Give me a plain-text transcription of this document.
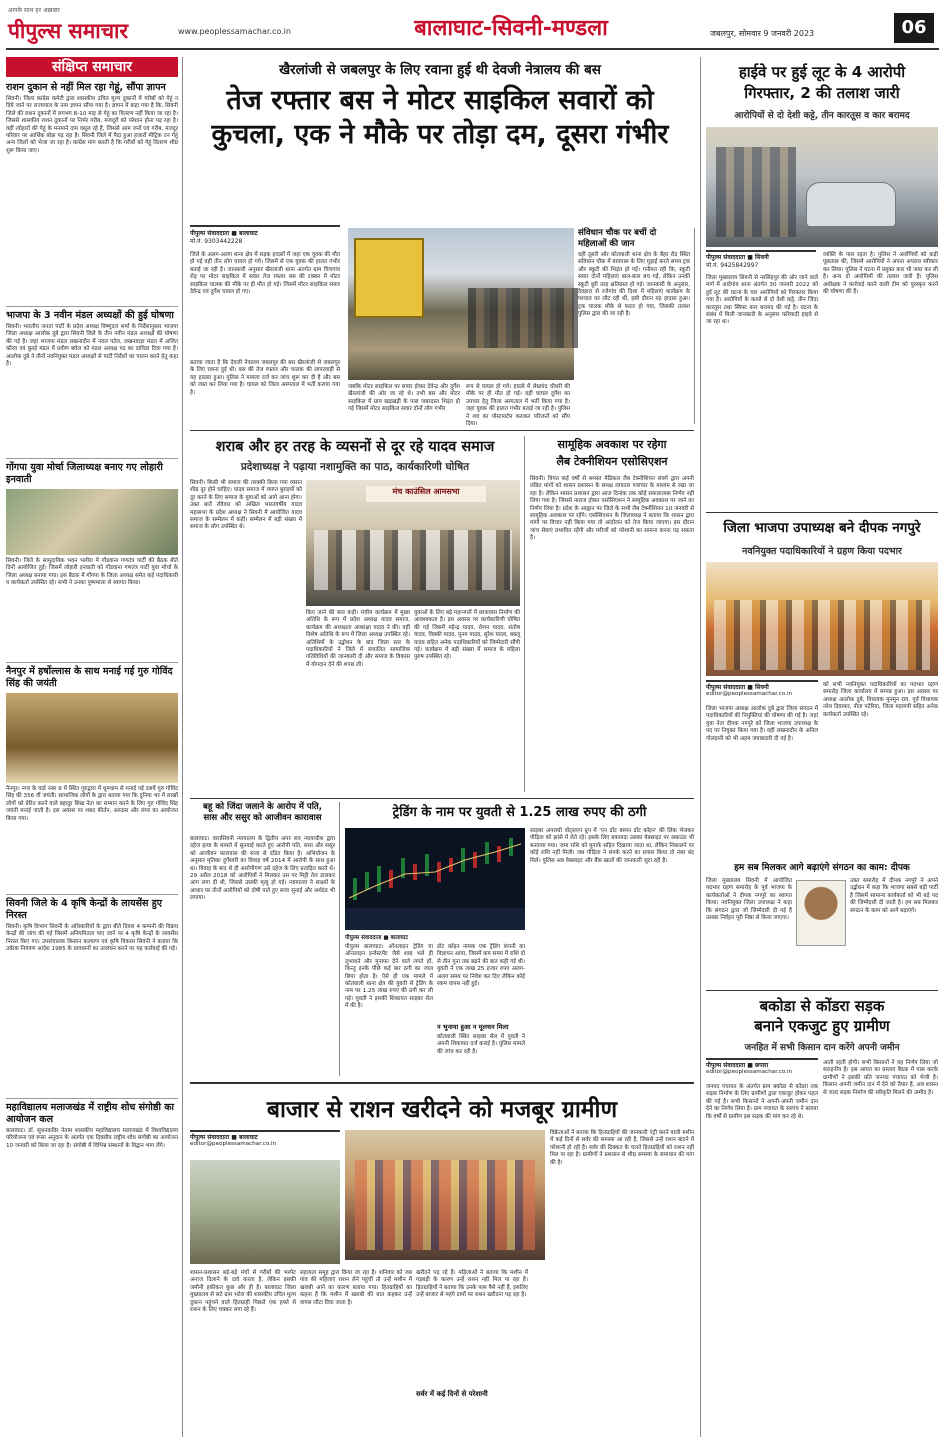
आपके साथ हर अख़बार
पीपुल्स समाचार	www.peoplessamachar.co.in	बालाघाट-सिवनी-मण्डला	जबलपुर, सोमवार 9 जनवरी 2023	06
संक्षिप्त समाचार
राशन दुकान से नहीं मिल रहा गेहूं, सौंपा ज्ञापन
सिवनी। जिला कांग्रेस कमेटी द्वारा शासकीय उचित मूल्य दुकानों में गरीबों को गेहूं न दिये जाने पर राज्यपाल के नाम ज्ञापन सौंपा गया है। ज्ञापन में कहा गया है कि, सिवनी जिले की राशन दुकानों में लगभग 8-10 माह से गेहूं का वितरण नहीं किया जा रहा है। जिससे शासकीय राशन दुकानों पर निर्भर गरीब, मजदूरों को परेशान होना पड़ रहा है। वहीं त्योहारों की गेहूं के मनमाने दाम वसूल रहे हैं, जिससे आम जनों एवं गरीब, मजदूर परिवार पर आर्थिक बोझ पड़ रहा है। सिवनी जिले में पैदा हुआ हजारों मीट्रिक टन गेहूं अन्य जिलों को भेजा जा रहा है। कांग्रेस मांग करती है कि गरीबों को गेहूं वितरण शीघ्र शुरू किया जाए।
भाजपा के 3 नवीन मंडल अध्यक्षों की हुई घोषणा
सिवनी। भारतीय जनता पार्टी के प्रदेश अध्यक्ष विष्णुदत्त शर्मा के निर्देशानुसार भाजपा जिला अध्यक्ष आलोक दुबे द्वारा सिवनी जिले के तीन नवीन मंडल अध्यक्षों की घोषणा की गई है। जहां भाजपा मंडल लखनादौन में नवल पटेल, लखनवाड़ा मंडल में अजित कौरव एवं कुरई मंडल में प्रवीण बघेल को मंडल अध्यक्ष पद का दायित्व दिया गया है। आलोक दुबे ने तीनों नवनियुक्त मंडल अध्यक्षों से पार्टी निर्देशों का पालन करने हेतु कहा है।
गोंगपा युवा मोर्चा जिलाध्यक्ष बनाए गए लोहारी इनवाती
सिवनी। जिले के सामुदायिक भवन भलीरा में गोंडवाना गणतंत्र पार्टी की बैठक बीते दिनों आयोजित हुई। जिसमें लोहारी इनवाती को गोंडवाना गणतंत्र पार्टी युवा मोर्चा के जिला अध्यक्ष बनाया गया। इस बैठक में गोंगपा के जिला अध्यक्ष समेत कई पदाधिकारी व कार्यकर्ता उपस्थित रहे। सभी ने उनका पुष्पमाला से स्वागत किया।
नैनपुर में हर्षोल्लास के साथ मनाई गई गुरु गोविंद सिंह की जयंती
नैनपुर। नगर के वार्ड नंबर 9 में स्थित गुरुद्वारा में धूमधाम से मनाई गई दसवें गुरु गोविंद सिंह की 356 वीं जयंती। सामाजिक लोगों के द्वारा बताया गया कि दुनिया भर में लाखों लोगों को प्रेरित करने वाले बहादुर सिख नेता का सम्मान करने के लिए गुरु गोविंद सिंह जयंती मनाई जाती है। इस अवसर पर शबद कीर्तन, अरदास और लंगर का आयोजन किया गया।
सिवनी जिले के 4 कृषि केन्द्रों के लायसेंस हुए निरस्त
सिवनी। कृषि विभाग सिवनी के अधिकारियों के द्वारा बीते दिवस 4 कम्पनी की विक्रय केन्द्रों की जांच की गई जिसमें अनियमितता पाए जाने पर 4 कृषि केन्द्रों के लायसेंस निरस्त किए गए। उपसंचालक किसान कल्याण एवं कृषि विकास सिवनी ने बताया कि उर्वरक नियंत्रण आदेश 1985 के प्रावधानों का उल्लंघन करने पर यह कार्रवाई की गई।
महाविद्यालय मलाजखंड में राष्ट्रीय शोध संगोष्ठी का आयोजन कल
बालाघाट। डॉ. सुधनकविर नेताम शासकीय महाविद्यालय मलाजखंड में विश्वविद्यालय परियोजना एवं रूसा अनुदान के अंतर्गत एक दिवसीय राष्ट्रीय शोध संगोष्ठी का आयोजन 10 जनवरी को किया जा रहा है। संगोष्ठी में विभिन्न संस्थानों के विद्वान भाग लेंगे।
खैरलांजी से जबलपुर के लिए रवाना हुई थी देवजी नेत्रालय की बस
तेज रफ्तार बस ने मोटर साइकिल सवारों को
कुचला, एक ने मौके पर तोड़ा दम, दूसरा गंभीर
पीपुल्स संवाददाता ■ बालाघाट
मो.नं. 9303442228
जिले के अलग-अलग थाना क्षेत्र में सड़क हादसों में जहां एक युवक की मौत हो गई वहीं तीन लोग घायल हो गये। जिसमें से एक युवक की हालत गंभीर बताई जा रही है। जानकारी अनुसार खैरलांजी थाना अंतर्गत ग्राम चिचगांव रोड़ पर मोटर साइकिल में सवार तेज रफ्तार बस की टक्कर में मोटर साइकिल चालक की मौके पर ही मौत हो गई। जिसमें मोटर साइकिल सवार देवेन्द्र एवं दुर्गेश घायल हो गए।
बताया जाता है कि देवजी नेत्रालय जबलपुर की बस खैरलांजी से जबलपुर के लिए रवाना हुई थी। बस की तेज रफ्तार और चालक की लापरवाही से यह हादसा हुआ। पुलिस ने मामला दर्ज कर जांच शुरू कर दी है और बस को जब्त कर लिया गया है। घायल को जिला अस्पताल में भर्ती कराया गया है।
जबकि मोटर साइकिल पर सवार होकर देवेन्द्र और दुर्गेश खैरलांजी की ओर जा रहे थे। तभी बस और मोटर साइकिल में ग्राम खड़खड़ी के पास जबरदस्त भिड़ंत हो गई जिसमें मोटर साइकिल सवार दोनों लोग गंभीर
रूप से घायल हो गये। हादसे में लेखचंद चौधरी की मौके पर ही मौत हो गई। वहीं घायल दुर्गेश का उपचार हेतु जिला अस्पताल में भर्ती किया गया है। जहां युवक की हालत गंभीर बताई जा रही है। पुलिस ने शव का पोस्टमार्टम कराकर परिजनों को सौंप दिया।
हाईवे पर हुई लूट के 4 आरोपी
गिरफ्तार, 2 की तलाश जारी
आरोपियों से दो देशी कट्टे, तीन कारतूस व कार बरामद
पीपुल्स संवाददाता ■ सिवनी
मो.नं. 9425842997
जिला मुख्यालय सिवनी से नरसिंहपुर की ओर जाने वाले मार्ग में आदेगांव थाना अंतर्गत 30 जनवरी 2022 को हुई लूट की घटना के चार आरोपियों को गिरफ्तार किया गया है। आरोपियों के कब्जे से दो देशी कट्टे, तीन जिंदा कारतूस तथा स्विफ्ट कार बरामद की गई है। घटना के संबंध में मिली जानकारी के अनुसार फरियादी हाइवे से जा रहा था।
व्यक्ति के पास रहता है। पुलिस ने आरोपियों को कड़ी पूछताछ की, जिसमें आरोपियों ने अपना अपराध स्वीकार कर लिया। पुलिस ने घटना में प्रयुक्त कार भी जब्त कर ली है। अन्य दो आरोपियों की तलाश जारी है। पुलिस अधीक्षक ने कार्रवाई करने वाली टीम को पुरस्कृत करने की घोषणा की है।
जिला भाजपा उपाध्यक्ष बने दीपक नगपुरे
नवनियुक्त पदाधिकारियों ने ग्रहण किया पदभार
पीपुल्स संवाददाता ■ सिवनी
editor@peoplessamachar.co.in
जिला भाजपा अध्यक्ष आलोक दुबे द्वारा जिला संगठन में पदाधिकारियों की नियुक्तियां की घोषणा की गई है। जहां युवा नेता दीपक नगपुरे को जिला भाजपा उपाध्यक्ष के पद पर नियुक्त किया गया है। वहीं लखनादौन के अनिल गोलहानी को भी अहम जवाबदारी दी गई है।
को सभी नवनियुक्त पदाधिकारियों का पदभार ग्रहण समारोह जिला कार्यालय में सम्पन्न हुआ। इस अवसर पर अध्यक्ष आलोक दुबे, विधायक मुनमुन राय, पूर्व विधायक नरेश दिवाकर, नीता पटेरिया, जिला महामंत्री सहित अनेक कार्यकर्ता उपस्थित रहे।
हम सब मिलकर आगे बढ़ाएंगे संगठन का काम: दीपक
जिला मुख्यालय सिवनी में आयोजित पदभार ग्रहण समारोह के पूर्व भाजपा के कार्यकर्ताओं ने दीपक नगपुरे का स्वागत किया। नवनियुक्त जिला उपाध्यक्ष ने कहा कि संगठन द्वारा जो जिम्मेदारी दी गई है उसका निर्वहन पूरी निष्ठा से किया जाएगा।
उक्त समारोह में दीपक नगपुरे ने अपने उद्बोधन में कहा कि भाजपा सबसे बड़ी पार्टी है जिसमें सामान्य कार्यकर्ता को भी बड़े पद की जिम्मेदारी दी जाती है। हम सब मिलकर संगठन के काम को आगे बढ़ाएंगे।
बकोडा से कोंडरा सड़क
बनाने एकजुट हुए ग्रामीण
जनहित में सभी किसान दान करेंगे अपनी जमीन
पीपुल्स संवाददाता ■ छपारा
editor@peoplessamachar.co.in
जनपद पंचायत के अंतर्गत ग्राम बकोडा से कोंडरा तक सड़क निर्माण के लिए ग्रामीणों द्वारा एकजुट होकर पहल की गई है। सभी किसानों ने अपनी-अपनी जमीन दान देने का निर्णय लिया है। ग्राम पंचायत के सरपंच ने बताया कि वर्षों से ग्रामीण इस सड़क की मांग कर रहे थे।
आती रहती होगी। सभी किसानों ने यह निर्णय लिया जो सराहनीय है। इस आयत का प्रस्ताव बैठक में पास करके ग्रामीणों ने इसकी प्रति जनपद पंचायत को भेजी है। किसान अपनी जमीन दान में देने को तैयार हैं, अब शासन से जल्द सड़क निर्माण की स्वीकृति मिलने की उम्मीद है।
शराब और हर तरह के व्यसनों से दूर रहे यादव समाज
प्रदेशाध्यक्ष ने पढ़ाया नशामुक्ति का पाठ, कार्यकारिणी घोषित
सिवनी। किसी भी समाज की तरक्की किया गया व्यसन शीघ्र दूर होने चाहिए। यादव समाज में व्याप्त बुराइयों को दूर करने के लिए समाज के युवाओं को आगे आना होगा। उक्त बातें रविवार को अखिल भारतवर्षीय यादव महासभा के प्रदेश अध्यक्ष ने सिवनी में आयोजित यादव समाज के सम्मेलन में कहीं। सम्मेलन में बड़ी संख्या में समाज के लोग उपस्थित थे।
मंच काउंसिल आमसभा
किए जाने की बात कही। मंचीय कार्यक्रम में मुख्य अतिथि के रूप में प्रदेश अध्यक्ष यादव समाज, कार्यक्रम की अध्यक्षता आकांक्षा यादव ने की। वहीं विशेष अतिथि के रूप में जिला अध्यक्ष उपस्थित रहे। अतिथियों के उद्बोधन के बाद जिला स्तर के पदाधिकारियों ने जिले में संचालित सामाजिक गतिविधियों की जानकारी दी और समाज के विकास में योगदान देने की शपथ ली।
युवाओं के लिए बड़े महानगरों में छात्रावास निर्माण की आवश्यकता है। इस अवसर पर कार्यकारिणी घोषित की गई जिसमें महेन्द्र यादव, रोशन यादव, संतोष यादव, विक्की यादव, पूनम यादव, सुरेश यादव, बबलू यादव सहित अनेक पदाधिकारियों को जिम्मेदारी सौंपी गई। कार्यक्रम में बड़ी संख्या में समाज के महिला पुरुष उपस्थित रहे।
सामूहिक अवकाश पर रहेगा
लैब टेक्नीशियन एसोसिएशन
सिवनी। विगत कई वर्षों से समस्त मेडिकल लैब टेक्नीशियन संवर्ग द्वारा अपनी लंबित मांगों को शासन प्रशासन के समक्ष लगातार पत्राचार के माध्यम से रखा जा रहा है। लेकिन शासन प्रशासन द्वारा आज दिनांक तक कोई सकारात्मक निर्णय नहीं लिया गया है। जिससे नाराज होकर एसोसिएशन ने सामूहिक अवकाश पर जाने का निर्णय लिया है। प्रदेश के आह्वान पर जिले के सभी लैब टेक्नीशियन 10 जनवरी से सामूहिक अवकाश पर रहेंगे। एसोसिएशन के जिलाध्यक्ष ने बताया कि शासन द्वारा मांगों पर विचार नहीं किया गया तो आंदोलन को तेज किया जाएगा। इस दौरान जांच सेवाएं प्रभावित रहेंगी और मरीजों को परेशानी का सामना करना पड़ सकता है।
बहू को जिंदा जलाने के आरोप में पति,
सास और ससुर को आजीवन कारावास
बालाघाट। वारासिवनी न्यायालय के द्वितीय अपर सत्र न्यायाधीश द्वारा दहेज हत्या के मामले में सुनवाई करते हुए आरोपी पति, सास और ससुर को आजीवन कारावास की सजा से दंडित किया है। अभियोजन के अनुसार मृतिका दुर्गेश्वरी का विवाह वर्ष 2014 में आरोपी के साथ हुआ था। विवाह के बाद से ही आरोपीगण उसे दहेज के लिए प्रताड़ित करते थे। 29 अप्रैल 2018 को आरोपियों ने मिलकर उस पर मिट्टी तेल डालकर आग लगा दी थी, जिससे उसकी मृत्यु हो गई। न्यायालय ने साक्ष्यों के आधार पर तीनों आरोपियों को दोषी पाते हुए सजा सुनाई और अर्थदंड भी लगाया।
ट्रेडिंग के नाम पर युवती से 1.25 लाख रुपए की ठगी
पीपुल्स संवाददाता ■ बालाघाट
पीपुल्स बालाघाट। ऑनलाइन ट्रेडिंग या ऑनलाइन इन्वेस्टमेंट जैसे शब्द भले ही लुभावने और मुनाफा देने वाले लगते हों, किन्तु इनके पीछे कई बार ठगी का जाल छिपा होता है। ऐसे ही एक मामले में कोतवाली थाना क्षेत्र की युवती से ट्रेडिंग के नाम पर 1.25 लाख रुपए की ठगी कर ली गई। युवती ने इसकी शिकायत साइबर सेल में की है।
डॉट कॉइन नामक एक ट्रेडिंग कंपनी का विज्ञापन आया, जिसमें कम समय में राशि दो से तीन गुना तक बढ़ने की बात कही गई थी। युवती ने एक लाख 25 हजार रुपए अलग-अलग समय पर निवेश कर दिए लेकिन कोई रकम वापस नहीं हुई।
न भुनाया हुआ न मूलधन मिला
कोतवाली स्थित साइबर सेल में युवती ने अपनी शिकायत दर्ज कराई है। पुलिस मामले की जांच कर रही है।
साइबर अपराधी वॉट्सएप ग्रुप में 'एन डॉट बस्पन डॉट कॉइन' की लिंक भेजकर पीड़िता को झांसे में लेते रहे। इसके लिए बकायदा उसका वेबसाइट पर अकाउंट भी बनवाया गया। जमा राशि को मुनाफे सहित दिखाया जाता था, लेकिन निकालने पर कोई राशि नहीं मिली। जब पीड़िता ने संपर्क करने का प्रयास किया तो नंबर बंद मिले। पुलिस अब वेबसाइट और बैंक खातों की जानकारी जुटा रही है।
बाजार से राशन खरीदने को मजबूर ग्रामीण
पीपुल्स संवाददाता ■ बालाघाट
editor@peoplessamachar.co.in
शासन-प्रशासन बड़े-बड़े मंचों से गरीबों की भरपेट अनाज दिलाने के दावे करता है, लेकिन इसकी जमीनी हकीकत कुछ और ही है। बालाघाट जिला मुख्यालय से सटे ग्राम भटेरा की शासकीय उचित मूल्य दुकान पहुंचने वाले हितग्राही पिछले एक हफ्ते से राशन के लिए चक्कर लगा रहे हैं।
सहायता समूह द्वारा किया जा रहा है। शनिवार को जब गांव की महिलाएं राशन लेने पहुंचीं तो उन्हें मशीन में खराबी आने का कारण बताया गया। हितग्राहियों का कहना है कि मशीन में खराबी की बात कहकर उन्हें वापस लौटा दिया जाता है।
खरीदने पड़ रहे हैं। महिलाओं ने बताया कि मशीन में गड़बड़ी के कारण उन्हें राशन नहीं मिल पा रहा है। हितग्राहियों ने बताया कि उनके पास पैसे नहीं हैं, इसलिए उन्हें बाजार से महंगे दामों पर राशन खरीदना पड़ रहा है।
सर्वर में कई दिनों से परेशानी
विक्रेताओं ने बताया कि हितग्राहियों की जानकारी एंट्री करने वाली मशीन में कई दिनों से सर्वर की समस्या आ रही है, जिससे उन्हें राशन बांटने में परेशानी हो रही है। सर्वर की दिक्कत के चलते हितग्राहियों को राशन नहीं मिल पा रहा है। ग्रामीणों ने प्रशासन से शीघ्र समस्या के समाधान की मांग की है।
संविधान चौक पर बचीं दो
महिलाओं की जान
वहीं दूसरी ओर कोतवाली थाना क्षेत्र के बैहर रोड स्थित संविधान चौक में बायपास के लिए मुड़ाई करते समय ट्रक और स्कूटी की भिड़ंत हो गई। गनीमत रही कि, स्कूटी सवार दोनों महिलाएं बाल-बाल बच गईं, लेकिन उनकी स्कूटी बुरी तरह क्षतिग्रस्त हो गई। जानकारी के अनुसार, देवहारा से रजेगांव की दिशा में महिलाएं कार्यक्रम के पश्चात घर लौट रही थीं, इसी दौरान यह हादसा हुआ। ट्रक चालक मौके से फरार हो गया, जिसकी तलाश पुलिस द्वारा की जा रही है।
